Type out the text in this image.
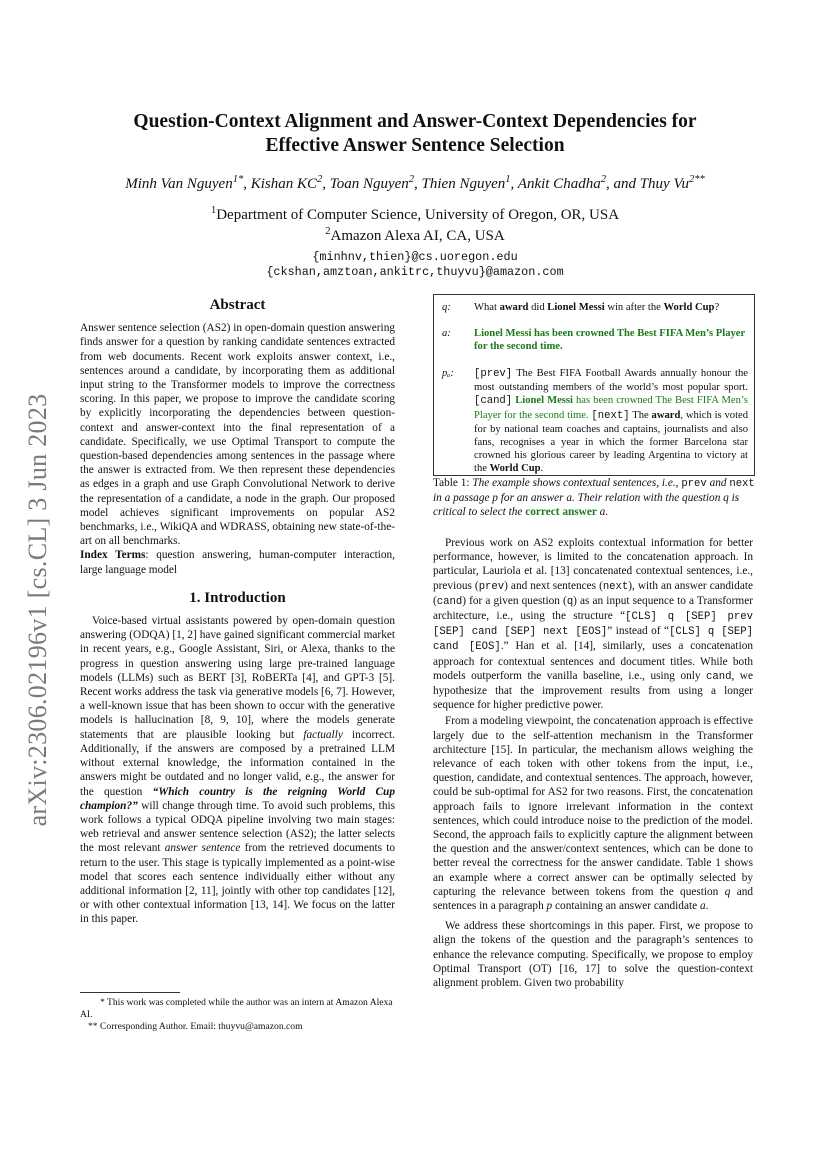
arXiv:2306.02196v1 [cs.CL] 3 Jun 2023
Question-Context Alignment and Answer-Context Dependencies for
Effective Answer Sentence Selection
Minh Van Nguyen$^{1*}$, Kishan $KC^2$, Toan Nguyen$^2$, Thien Nguyen$^1$, Ankit Chadha$^2$, and Thuy $Vu^{2**}$
$^1$Department of Computer Science, University of Oregon, OR, USA
$^2$Amazon Alexa AI, CA, USA
{minhnv,thien}@cs.uoregon.edu
{ckshan,amztoan,ankitrc,thuyvu}@amazon.com
Abstract

Answer sentence selection (AS2) in open-domain question answering finds answer for a question by ranking candidate sentences extracted from web documents. Recent work exploits answer context, i.e., sentences around a candidate, by incorporating them as additional input string to the Transformer models to improve the correctness scoring. In this paper, we propose to improve the candidate scoring by explicitly incorporating the dependencies between question-context and answer-context into the final representation of a candidate. Specifically, we use Optimal Transport to compute the question-based dependencies among sentences in the passage where the answer is extracted from. We then represent these dependencies as edges in a graph and use Graph Convolutional Network to derive the representation of a candidate, a node in the graph. Our proposed model achieves significant improvements on popular AS2 benchmarks, i.e., WikiQA and WDRASS, obtaining new state-of-the-art on all benchmarks.

Index Terms: question answering, human-computer interaction, large language model

1. Introduction

Voice-based virtual assistants powered by open-domain question answering (ODQA) [1, 2] have gained significant commercial market in recent years, e.g., Google Assistant, Siri, or Alexa, thanks to the progress in question answering using large pre-trained language models (LLMs) such as BERT [3], RoBERTa [4], and GPT-3 [5]. Recent works address the task via generative models [6, 7]. However, a well-known issue that has been shown to occur with the generative models is hallucination [8, 9, 10], where the models generate statements that are plausible looking but factually incorrect. Additionally, if the answers are composed by a pretrained LLM without external knowledge, the information contained in the answers might be outdated and no longer valid, e.g., the answer for the question “Which country is the reigning World Cup champion?” will change through time. To avoid such problems, this work follows a typical ODQA pipeline involving two main stages: web retrieval and answer sentence selection (AS2); the latter selects the most relevant answer sentence from the retrieved documents to return to the user. This stage is typically implemented as a point-wise model that scores each sentence individually either without any additional information [2, 11], jointly with other top candidates [12], or with other contextual information [13, 14]. We focus on the latter in this paper.

* This work was completed while the author was an intern at Amazon Alexa AI.
** Corresponding Author. Email: thuyvu@amazon.com
q:	What award did Lionel Messi win after the World Cup?
a:	Lionel Messi has been crowned The Best FIFA Men’s Player for the second time.
pₐ:	[prev] The Best FIFA Football Awards annually honour the most outstanding members of the world’s most popular sport. [cand] Lionel Messi has been crowned The Best FIFA Men’s Player for the second time. [next] The award, which is voted for by national team coaches and captains, journalists and also fans, recognises a year in which the former Barcelona star crowned his glorious career by leading Argentina to victory at the World Cup.
Table 1: The example shows contextual sentences, i.e., prev and next in a passage p for an answer a. Their relation with the question q is critical to select the correct answer a.

Previous work on AS2 exploits contextual information for better performance, however, is limited to the concatenation approach. In particular, Lauriola et al. [13] concatenated contextual sentences, i.e., previous (prev) and next sentences (next), with an answer candidate (cand) for a given question (q) as an input sequence to a Transformer architecture, i.e., using the structure “[CLS] q [SEP] prev [SEP] cand [SEP] next [EOS]” instead of “[CLS] q [SEP] cand [EOS].” Han et al. [14], similarly, uses a concatenation approach for contextual sentences and document titles. While both models outperform the vanilla baseline, i.e., using only cand, we hypothesize that the improvement results from using a longer sequence for higher predictive power.

From a modeling viewpoint, the concatenation approach is effective largely due to the self-attention mechanism in the Transformer architecture [15]. In particular, the mechanism allows weighing the relevance of each token with other tokens from the input, i.e., question, candidate, and contextual sentences. The approach, however, could be sub-optimal for AS2 for two reasons. First, the concatenation approach fails to ignore irrelevant information in the context sentences, which could introduce noise to the prediction of the model. Second, the approach fails to explicitly capture the alignment between the question and the answer/context sentences, which can be done to better reveal the correctness for the answer candidate. Table 1 shows an example where a correct answer can be optimally selected by capturing the relevance between tokens from the question q and sentences in a paragraph p containing an answer candidate a.

We address these shortcomings in this paper. First, we propose to align the tokens of the question and the paragraph’s sentences to enhance the relevance computing. Specifically, we propose to employ Optimal Transport (OT) [16, 17] to solve the question-context alignment problem. Given two probability
